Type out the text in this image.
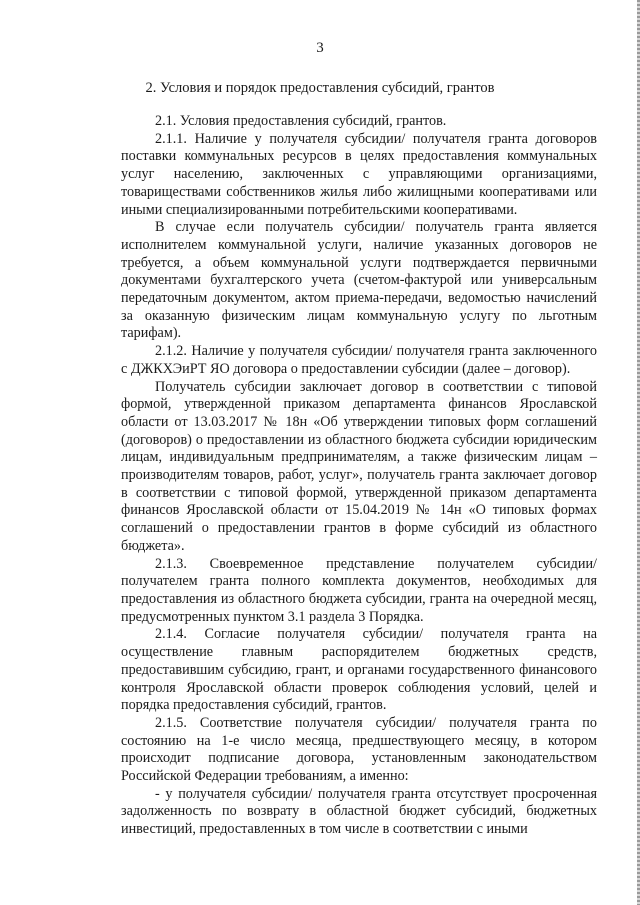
3
2. Условия и порядок предоставления субсидий, грантов

2.1. Условия предоставления субсидий, грантов.

2.1.1. Наличие у получателя субсидии/ получателя гранта договоров поставки коммунальных ресурсов в целях предоставления коммунальных услуг населению, заключенных с управляющими организациями, товариществами собственников жилья либо жилищными кооперативами или иными специализированными потребительскими кооперативами.

В случае если получатель субсидии/ получатель гранта является исполнителем коммунальной услуги, наличие указанных договоров не требуется, а объем коммунальной услуги подтверждается первичными документами бухгалтерского учета (счетом-фактурой или универсальным передаточным документом, актом приема-передачи, ведомостью начислений за оказанную физическим лицам коммунальную услугу по льготным тарифам).

2.1.2. Наличие у получателя субсидии/ получателя гранта заключенного с ДЖКХЭиРТ ЯО договора о предоставлении субсидии (далее – договор).

Получатель субсидии заключает договор в соответствии с типовой формой, утвержденной приказом департамента финансов Ярославской области от 13.03.2017 № 18н «Об утверждении типовых форм соглашений (договоров) о предоставлении из областного бюджета субсидии юридическим лицам, индивидуальным предпринимателям, а также физическим лицам – производителям товаров, работ, услуг», получатель гранта заключает договор в соответствии с типовой формой, утвержденной приказом департамента финансов Ярославской области от 15.04.2019 № 14н «О типовых формах соглашений о предоставлении грантов в форме субсидий из областного бюджета».

2.1.3. Своевременное представление получателем субсидии/ получателем гранта полного комплекта документов, необходимых для предоставления из областного бюджета субсидии, гранта на очередной месяц, предусмотренных пунктом 3.1 раздела 3 Порядка.

2.1.4. Согласие получателя субсидии/ получателя гранта на осуществление главным распорядителем бюджетных средств, предоставившим субсидию, грант, и органами государственного финансового контроля Ярославской области проверок соблюдения условий, целей и порядка предоставления субсидий, грантов.

2.1.5. Соответствие получателя субсидии/ получателя гранта по состоянию на 1-е число месяца, предшествующего месяцу, в котором происходит подписание договора, установленным законодательством Российской Федерации требованиям, а именно:

- у получателя субсидии/ получателя гранта отсутствует просроченная задолженность по возврату в областной бюджет субсидий, бюджетных инвестиций, предоставленных в том числе в соответствии с иными
